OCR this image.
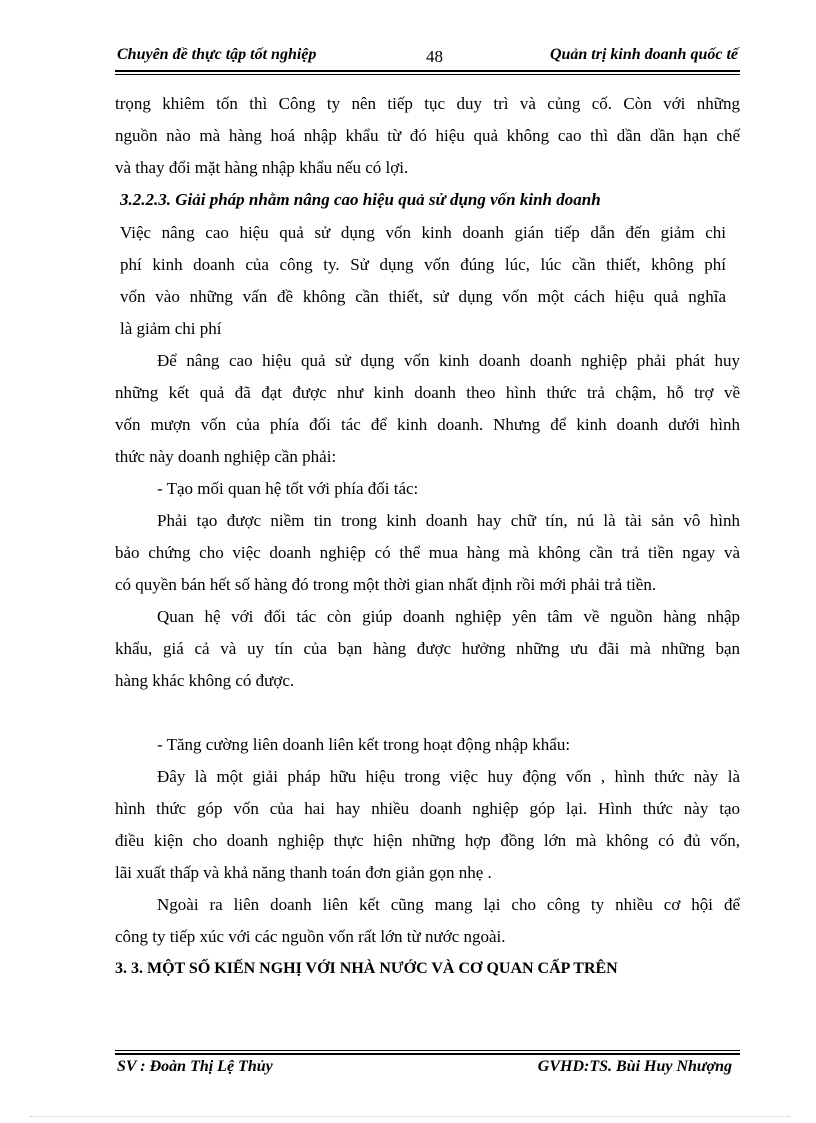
Chuyên đề thực tập tốt nghiệp	48	Quản trị kinh doanh quốc tế
trọng khiêm tốn thì Công ty nên tiếp tục duy trì và củng cố. Còn với những
nguồn nào mà hàng hoá nhập khẩu từ đó hiệu quả không cao thì dần dần hạn chế
và thay đổi mặt hàng nhập khẩu nếu có lợi.
3.2.2.3. Giải pháp nhằm nâng cao hiệu quả sử dụng vốn kinh doanh
Việc nâng cao hiệu quả sử dụng vốn kinh doanh gián tiếp dẫn đến giảm chi
phí kinh doanh của công ty. Sử dụng vốn đúng lúc, lúc cần thiết, không phí
vốn vào những vấn đề không cần thiết, sử dụng vốn một cách hiệu quả nghĩa
là giảm chi phí
Để nâng cao hiệu quả sử dụng vốn kinh doanh doanh nghiệp phải phát huy
những kết quả đã đạt được như kinh doanh theo hình thức trả chậm, hỗ trợ về
vốn mượn vốn của phía đối tác để kinh doanh. Nhưng để kinh doanh dưới hình
thức này doanh nghiệp cần phải:
- Tạo mối quan hệ tốt với phía đối tác:
Phải tạo được niềm tin trong kinh doanh hay chữ tín, nú là tài sản vô hình
bảo chứng cho việc doanh nghiệp có thể mua hàng mà không cần trả tiền ngay và
có quyền bán hết số hàng đó trong một thời gian nhất định rồi mới phải trả tiền.
Quan hệ với đối tác còn giúp doanh nghiệp yên tâm về nguồn hàng nhập
khẩu, giá cả và uy tín của bạn hàng được hưởng những ưu đãi mà những bạn
hàng khác không có được.
- Tăng cường liên doanh liên kết trong hoạt động nhập khẩu:
Đây là một giải pháp hữu hiệu trong việc huy động vốn , hình thức này là
hình thức góp vốn của hai hay nhiều doanh nghiệp góp lại. Hình thức này tạo
điều kiện cho doanh nghiệp thực hiện những hợp đồng lớn mà không có đủ vốn,
lãi xuất thấp và khả năng thanh toán đơn giản gọn nhẹ .
Ngoài ra liên doanh liên kết cũng mang lại cho công ty nhiều cơ hội để
công ty tiếp xúc với các nguồn vốn rất lớn từ nước ngoài.
3. 3. MỘT SỐ KIẾN NGHỊ VỚI NHÀ NƯỚC VÀ CƠ QUAN CẤP TRÊN
SV : Đoàn Thị Lệ Thủy	GVHD:TS. Bùi Huy Nhượng
